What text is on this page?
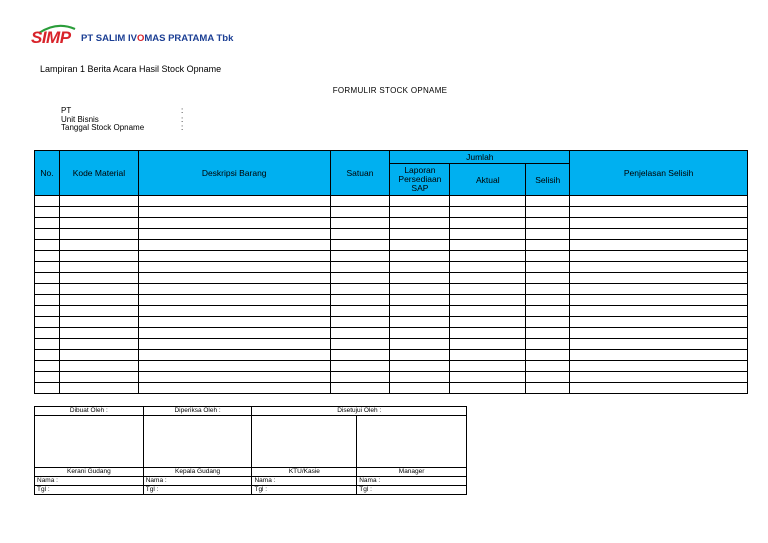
SIMP PT SALIM IVOMAS PRATAMA Tbk
Lampiran 1 Berita Acara Hasil Stock Opname
FORMULIR STOCK OPNAME
PT	:
Unit Bisnis	:
Tanggal Stock Opname	:
No.	Kode Material	Deskripsi Barang	Satuan	Jumlah			Penjelasan Selisih
				Laporan Persediaan SAP	Aktual	Selisih	

Dibuat Oleh :	Diperiksa Oleh :	Disetujui Oleh :	

Kerani Gudang	Kepala Gudang	KTU/Kasie	Manager
Nama :	Nama :	Nama :	Nama :
Tgl :	Tgl :	Tgl :	Tgl :
